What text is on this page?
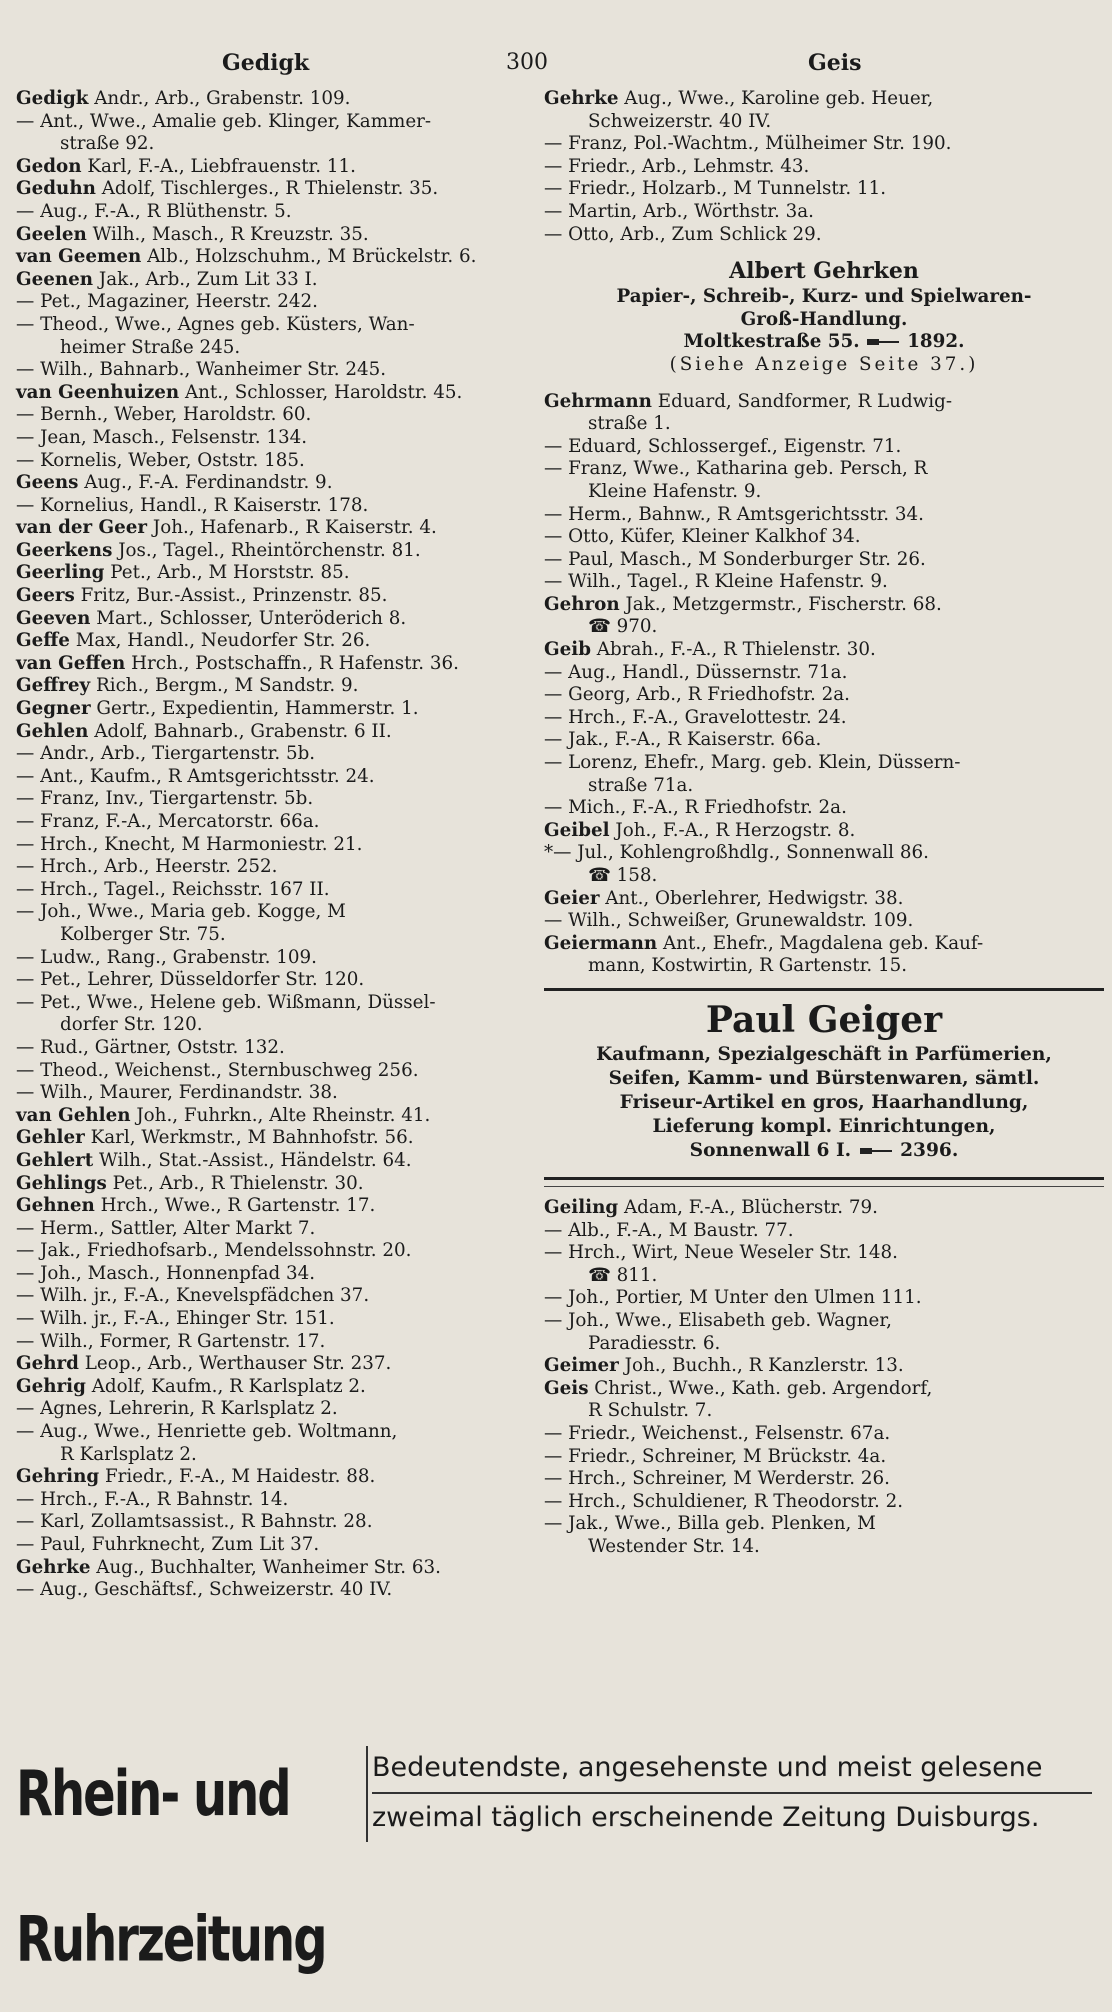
Gedigk	300	Geis
Gedigk Andr., Arb., Grabenstr. 109.
— Ant., Wwe., Amalie geb. Klinger, Kammer-
straße 92.
Gedon Karl, F.-A., Liebfrauenstr. 11.
Geduhn Adolf, Tischlerges., R Thielenstr. 35.
— Aug., F.-A., R Blüthenstr. 5.
Geelen Wilh., Masch., R Kreuzstr. 35.
van Geemen Alb., Holzschuhm., M Brückelstr. 6.
Geenen Jak., Arb., Zum Lit 33 I.
— Pet., Magaziner, Heerstr. 242.
— Theod., Wwe., Agnes geb. Küsters, Wan-
heimer Straße 245.
— Wilh., Bahnarb., Wanheimer Str. 245.
van Geenhuizen Ant., Schlosser, Haroldstr. 45.
— Bernh., Weber, Haroldstr. 60.
— Jean, Masch., Felsenstr. 134.
— Kornelis, Weber, Oststr. 185.
Geens Aug., F.-A. Ferdinandstr. 9.
— Kornelius, Handl., R Kaiserstr. 178.
van der Geer Joh., Hafenarb., R Kaiserstr. 4.
Geerkens Jos., Tagel., Rheintörchenstr. 81.
Geerling Pet., Arb., M Horststr. 85.
Geers Fritz, Bur.-Assist., Prinzenstr. 85.
Geeven Mart., Schlosser, Unteröderich 8.
Geffe Max, Handl., Neudorfer Str. 26.
van Geffen Hrch., Postschaffn., R Hafenstr. 36.
Geffrey Rich., Bergm., M Sandstr. 9.
Gegner Gertr., Expedientin, Hammerstr. 1.
Gehlen Adolf, Bahnarb., Grabenstr. 6 II.
— Andr., Arb., Tiergartenstr. 5b.
— Ant., Kaufm., R Amtsgerichtsstr. 24.
— Franz, Inv., Tiergartenstr. 5b.
— Franz, F.-A., Mercatorstr. 66a.
— Hrch., Knecht, M Harmoniestr. 21.
— Hrch., Arb., Heerstr. 252.
— Hrch., Tagel., Reichsstr. 167 II.
— Joh., Wwe., Maria geb. Kogge, M
Kolberger Str. 75.
— Ludw., Rang., Grabenstr. 109.
— Pet., Lehrer, Düsseldorfer Str. 120.
— Pet., Wwe., Helene geb. Wißmann, Düssel-
dorfer Str. 120.
— Rud., Gärtner, Oststr. 132.
— Theod., Weichenst., Sternbuschweg 256.
— Wilh., Maurer, Ferdinandstr. 38.
van Gehlen Joh., Fuhrkn., Alte Rheinstr. 41.
Gehler Karl, Werkmstr., M Bahnhofstr. 56.
Gehlert Wilh., Stat.-Assist., Händelstr. 64.
Gehlings Pet., Arb., R Thielenstr. 30.
Gehnen Hrch., Wwe., R Gartenstr. 17.
— Herm., Sattler, Alter Markt 7.
— Jak., Friedhofsarb., Mendelssohnstr. 20.
— Joh., Masch., Honnenpfad 34.
— Wilh. jr., F.-A., Knevelspfädchen 37.
— Wilh. jr., F.-A., Ehinger Str. 151.
— Wilh., Former, R Gartenstr. 17.
Gehrd Leop., Arb., Werthauser Str. 237.
Gehrig Adolf, Kaufm., R Karlsplatz 2.
— Agnes, Lehrerin, R Karlsplatz 2.
— Aug., Wwe., Henriette geb. Woltmann,
R Karlsplatz 2.
Gehring Friedr., F.-A., M Haidestr. 88.
— Hrch., F.-A., R Bahnstr. 14.
— Karl, Zollamtsassist., R Bahnstr. 28.
— Paul, Fuhrknecht, Zum Lit 37.
Gehrke Aug., Buchhalter, Wanheimer Str. 63.
— Aug., Geschäftsf., Schweizerstr. 40 IV.
Gehrke Aug., Wwe., Karoline geb. Heuer,
Schweizerstr. 40 IV.
— Franz, Pol.-Wachtm., Mülheimer Str. 190.
— Friedr., Arb., Lehmstr. 43.
— Friedr., Holzarb., M Tunnelstr. 11.
— Martin, Arb., Wörthstr. 3a.
— Otto, Arb., Zum Schlick 29.
Albert Gehrken
Papier-, Schreib-, Kurz- und Spielwaren-
Groß-Handlung.
Moltkestraße 55.	1892.
(Siehe Anzeige Seite 37.)
Gehrmann Eduard, Sandformer, R Ludwig-
straße 1.
— Eduard, Schlossergef., Eigenstr. 71.
— Franz, Wwe., Katharina geb. Persch, R
Kleine Hafenstr. 9.
— Herm., Bahnw., R Amtsgerichtsstr. 34.
— Otto, Küfer, Kleiner Kalkhof 34.
— Paul, Masch., M Sonderburger Str. 26.
— Wilh., Tagel., R Kleine Hafenstr. 9.
Gehron Jak., Metzgermstr., Fischerstr. 68.
☎ 970.
Geib Abrah., F.-A., R Thielenstr. 30.
— Aug., Handl., Düssernstr. 71a.
— Georg, Arb., R Friedhofstr. 2a.
— Hrch., F.-A., Gravelottestr. 24.
— Jak., F.-A., R Kaiserstr. 66a.
— Lorenz, Ehefr., Marg. geb. Klein, Düssern-
straße 71a.
— Mich., F.-A., R Friedhofstr. 2a.
Geibel Joh., F.-A., R Herzogstr. 8.
*— Jul., Kohlengroßhdlg., Sonnenwall 86.
☎ 158.
Geier Ant., Oberlehrer, Hedwigstr. 38.
— Wilh., Schweißer, Grunewaldstr. 109.
Geiermann Ant., Ehefr., Magdalena geb. Kauf-
mann, Kostwirtin, R Gartenstr. 15.
Paul Geiger
Kaufmann, Spezialgeschäft in Parfümerien,
Seifen, Kamm- und Bürstenwaren, sämtl.
Friseur-Artikel en gros, Haarhandlung,
Lieferung kompl. Einrichtungen,
Sonnenwall 6 I.	2396.
Geiling Adam, F.-A., Blücherstr. 79.
— Alb., F.-A., M Baustr. 77.
— Hrch., Wirt, Neue Weseler Str. 148.
☎ 811.
— Joh., Portier, M Unter den Ulmen 111.
— Joh., Wwe., Elisabeth geb. Wagner,
Paradiesstr. 6.
Geimer Joh., Buchh., R Kanzlerstr. 13.
Geis Christ., Wwe., Kath. geb. Argendorf,
R Schulstr. 7.
— Friedr., Weichenst., Felsenstr. 67a.
— Friedr., Schreiner, M Brückstr. 4a.
— Hrch., Schreiner, M Werderstr. 26.
— Hrch., Schuldiener, R Theodorstr. 2.
— Jak., Wwe., Billa geb. Plenken, M
Westender Str. 14.
Rhein- und Ruhrzeitung
Bedeutendste, angesehenste und meist gelesene
zweimal täglich erscheinende Zeitung Duisburgs.
